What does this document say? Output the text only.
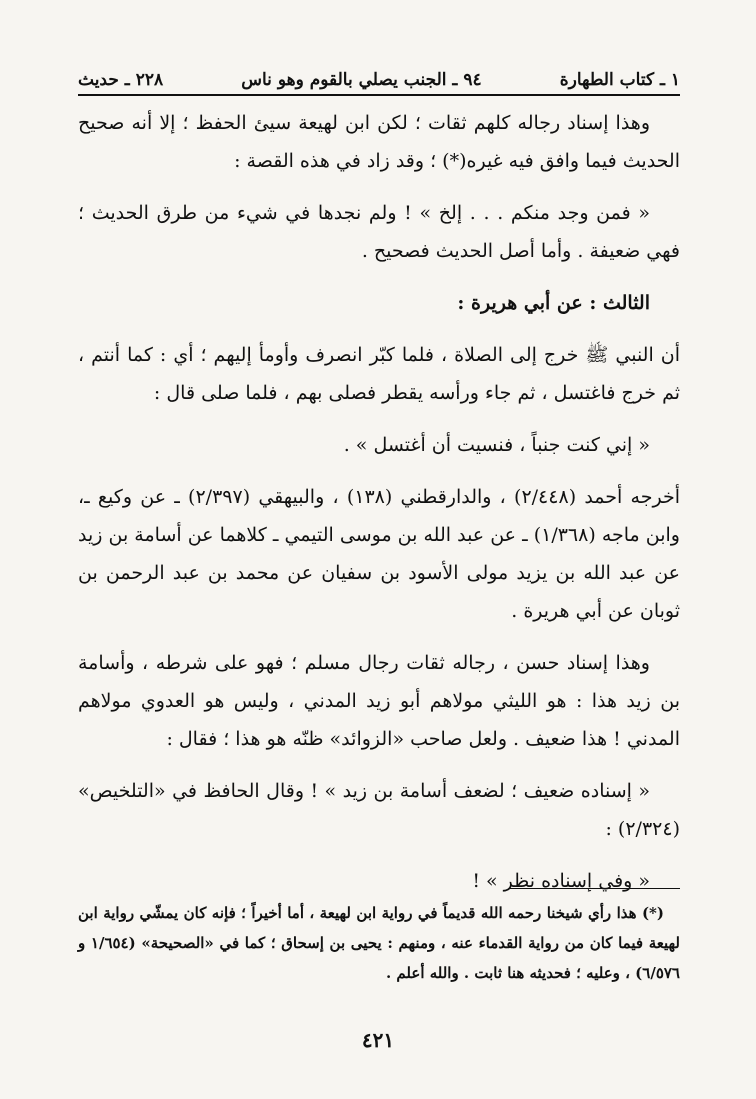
١ ـ كتاب الطهارة
٩٤ ـ الجنب يصلي بالقوم وهو ناس
٢٢٨ ـ حديث

وهذا إسناد رجاله كلهم ثقات ؛ لكن ابن لهيعة سيئ الحفظ ؛ إلا أنه صحيح الحديث فيما وافق فيه غيره(*) ؛ وقد زاد في هذه القصة :

« فمن وجد منكم . . . إلخ » ! ولم نجدها في شيء من طرق الحديث ؛ فهي ضعيفة . وأما أصل الحديث فصحيح .

الثالث : عن أبي هريرة :

أن النبي ﷺ خرج إلى الصلاة ، فلما كبّر انصرف وأومأ إليهم ؛ أي : كما أنتم ، ثم خرج فاغتسل ، ثم جاء ورأسه يقطر فصلى بهم ، فلما صلى قال :

« إني كنت جنباً ، فنسيت أن أغتسل » .

أخرجه أحمد (٢/٤٤٨) ، والدارقطني (١٣٨) ، والبيهقي (٢/٣٩٧) ـ عن وكيع ـ، وابن ماجه (١/٣٦٨) ـ عن عبد الله بن موسى التيمي ـ كلاهما عن أسامة بن زيد عن عبد الله بن يزيد مولى الأسود بن سفيان عن محمد بن عبد الرحمن بن ثوبان عن أبي هريرة .

وهذا إسناد حسن ، رجاله ثقات رجال مسلم ؛ فهو على شرطه ، وأسامة بن زيد هذا : هو الليثي مولاهم أبو زيد المدني ، وليس هو العدوي مولاهم المدني ! هذا ضعيف . ولعل صاحب «الزوائد» ظنّه هو هذا ؛ فقال :

« إسناده ضعيف ؛ لضعف أسامة بن زيد » ! وقال الحافظ في «التلخيص» (٢/٣٢٤) :

« وفي إسناده نظر » !

(*) هذا رأي شيخنا رحمه الله قديماً في رواية ابن لهيعة ، أما أخيراً ؛ فإنه كان يمشّي رواية ابن لهيعة فيما كان من رواية القدماء عنه ، ومنهم : يحيى بن إسحاق ؛ كما في «الصحيحة» (١/٦٥٤ و ٦/٥٧٦) ، وعليه ؛ فحديثه هنا ثابت . والله أعلم .

٤٢١
